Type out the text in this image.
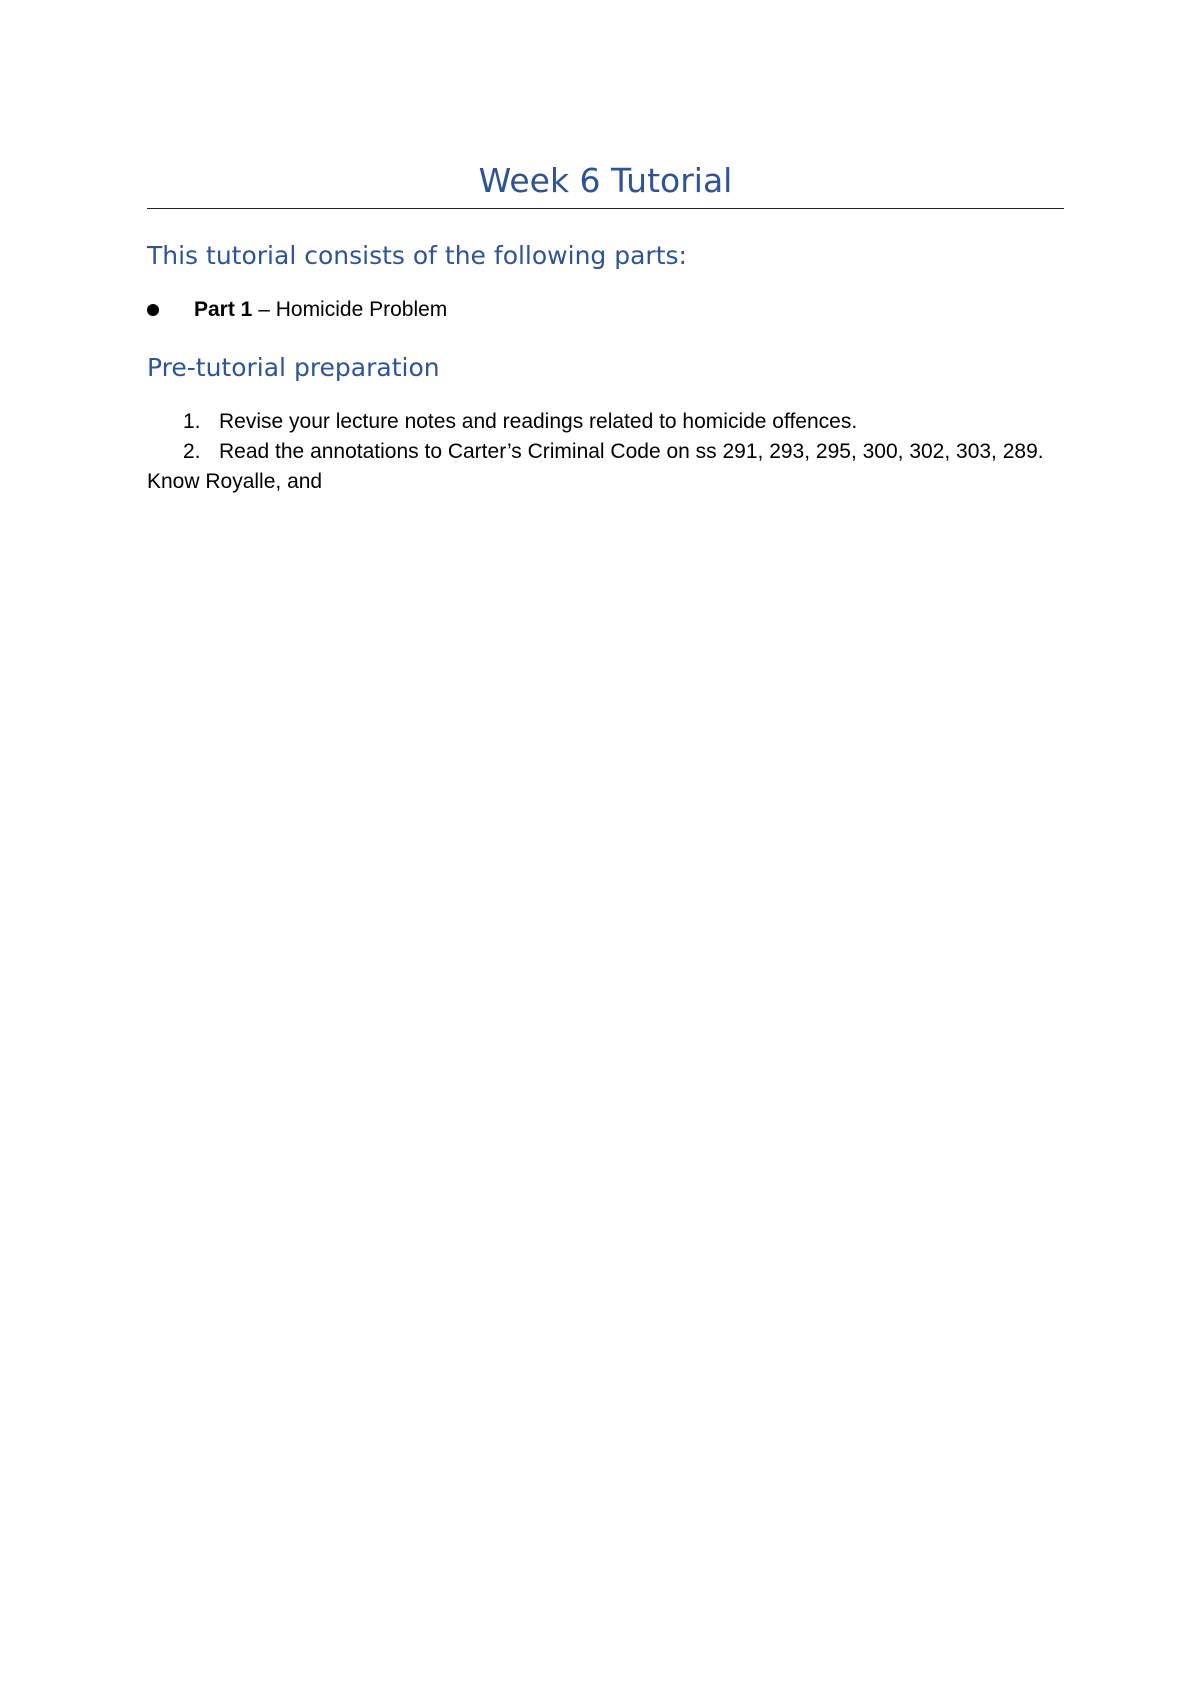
Week 6 Tutorial
This tutorial consists of the following parts:
Part 1 – Homicide Problem
Pre-tutorial preparation
1. Revise your lecture notes and readings related to homicide offences.
2. Read the annotations to Carter’s Criminal Code on ss 291, 293, 295, 300, 302, 303, 289.

Know Royalle, and
